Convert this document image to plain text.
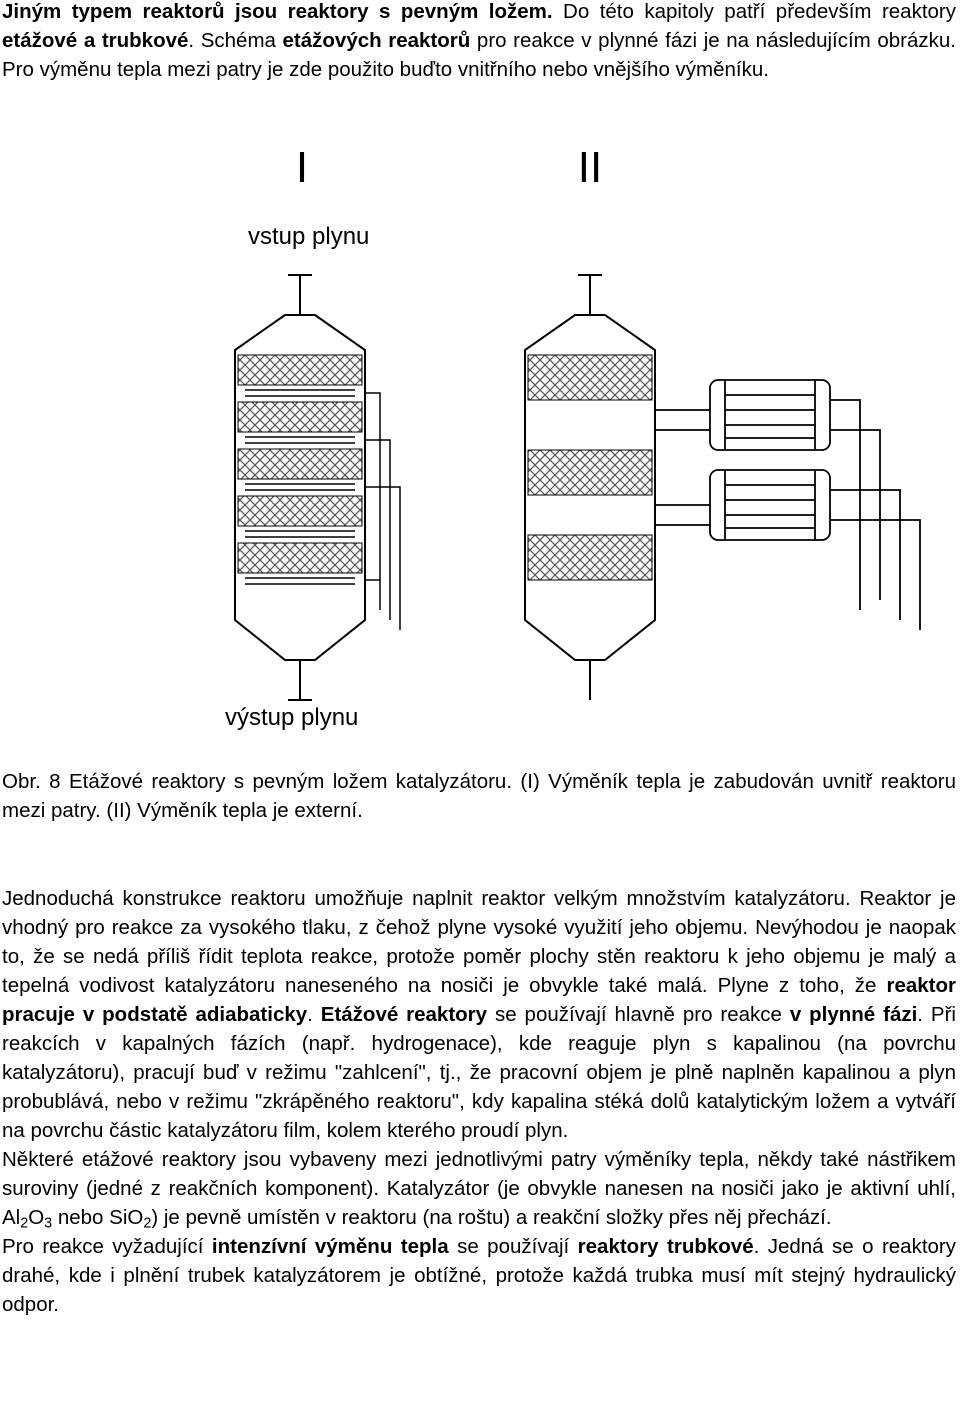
Jiným typem reaktorů jsou reaktory s pevným ložem. Do této kapitoly patří především reaktory etážové a trubkové. Schéma etážových reaktorů pro reakce v plynné fázi je na následujícím obrázku. Pro výměnu tepla mezi patry je zde použito buďto vnitřního nebo vnějšího výměníku.

I	II
vstup plynu
výstup plynu

Obr. 8 Etážové reaktory s pevným ložem katalyzátoru. (I) Výměník tepla je zabudován uvnitř reaktoru mezi patry. (II) Výměník tepla je externí.

Jednoduchá konstrukce reaktoru umožňuje naplnit reaktor velkým množstvím katalyzátoru. Reaktor je vhodný pro reakce za vysokého tlaku, z čehož plyne vysoké využití jeho objemu. Nevýhodou je naopak to, že se nedá příliš řídit teplota reakce, protože poměr plochy stěn reaktoru k jeho objemu je malý a tepelná vodivost katalyzátoru naneseného na nosiči je obvykle také malá. Plyne z toho, že reaktor pracuje v podstatě adiabaticky. Etážové reaktory se používají hlavně pro reakce v plynné fázi. Při reakcích v kapalných fázích (např. hydrogenace), kde reaguje plyn s kapalinou (na povrchu katalyzátoru), pracují buď v režimu "zahlcení", tj., že pracovní objem je plně naplněn kapalinou a plyn probublává, nebo v režimu "zkrápěného reaktoru", kdy kapalina stéká dolů katalytickým ložem a vytváří na povrchu částic katalyzátoru film, kolem kterého proudí plyn.
Některé etážové reaktory jsou vybaveny mezi jednotlivými patry výměníky tepla, někdy také nástřikem suroviny (jedné z reakčních komponent). Katalyzátor (je obvykle nanesen na nosiči jako je aktivní uhlí, $Al_2O_3$ nebo SiO$_2$) je pevně umístěn v reaktoru (na roštu) a reakční složky přes něj přechází.
Pro reakce vyžadující intenzívní výměnu tepla se používají reaktory trubkové. Jedná se o reaktory drahé, kde i plnění trubek katalyzátorem je obtížné, protože každá trubka musí mít stejný hydraulický odpor.
